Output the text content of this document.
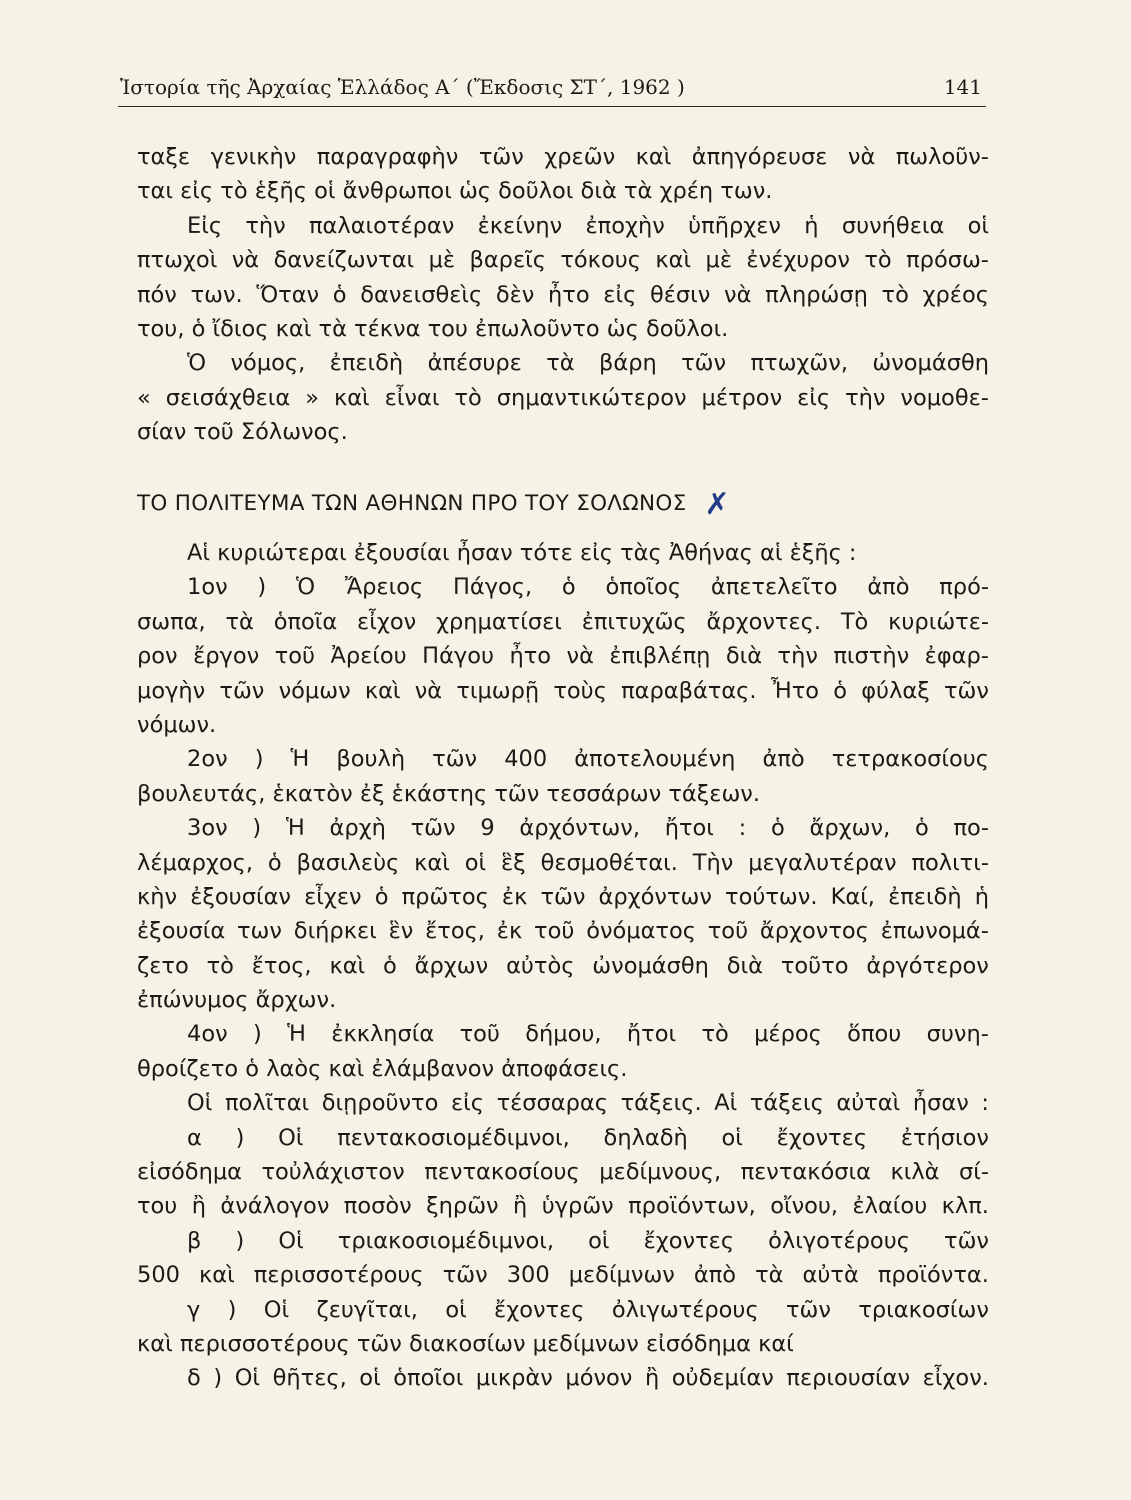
Ἱστορία τῆς Ἀρχαίας Ἑλλάδος Α΄ (Ἔκδοσις ΣΤ΄, 1962 )	141
ταξε γενικὴν παραγραφὴν τῶν χρεῶν καὶ ἀπηγόρευσε νὰ πωλοῦν-
ται εἰς τὸ ἑξῆς οἱ ἄνθρωποι ὡς δοῦλοι διὰ τὰ χρέη των.
Εἰς τὴν παλαιοτέραν ἐκείνην ἐποχὴν ὑπῆρχεν ἡ συνήθεια οἱ
πτωχοὶ νὰ δανείζωνται μὲ βαρεῖς τόκους καὶ μὲ ἐνέχυρον τὸ πρόσω-
πόν των. Ὅταν ὁ δανεισθεὶς δὲν ἦτο εἰς θέσιν νὰ πληρώσῃ τὸ χρέος
του, ὁ ἴδιος καὶ τὰ τέκνα του ἐπωλοῦντο ὡς δοῦλοι.
Ὁ νόμος, ἐπειδὴ ἀπέσυρε τὰ βάρη τῶν πτωχῶν, ὠνομάσθη
« σεισάχθεια » καὶ εἶναι τὸ σημαντικώτερον μέτρον εἰς τὴν νομοθε-
σίαν τοῦ Σόλωνος.
ΤΟ ΠΟΛΙΤΕΥΜΑ ΤΩΝ ΑΘΗΝΩΝ ΠΡΟ ΤΟΥ ΣΟΛΩΝΟΣ ✗
Αἱ κυριώτεραι ἐξουσίαι ἦσαν τότε εἰς τὰς Ἀθήνας αἱ ἑξῆς :
1ον ) Ὁ Ἄρειος Πάγος, ὁ ὁποῖος ἀπετελεῖτο ἀπὸ πρό-
σωπα, τὰ ὁποῖα εἶχον χρηματίσει ἐπιτυχῶς ἄρχοντες. Τὸ κυριώτε-
ρον ἔργον τοῦ Ἀρείου Πάγου ἦτο νὰ ἐπιβλέπῃ διὰ τὴν πιστὴν ἐφαρ-
μογὴν τῶν νόμων καὶ νὰ τιμωρῇ τοὺς παραβάτας. Ἦτο ὁ φύλαξ τῶν
νόμων.
2ον ) Ἡ βουλὴ τῶν 400 ἀποτελουμένη ἀπὸ τετρακοσίους
βουλευτάς, ἑκατὸν ἐξ ἑκάστης τῶν τεσσάρων τάξεων.
3ον ) Ἡ ἀρχὴ τῶν 9 ἀρχόντων, ἤτοι : ὁ ἄρχων, ὁ πο-
λέμαρχος, ὁ βασιλεὺς καὶ οἱ ἓξ θεσμοθέται. Τὴν μεγαλυτέραν πολιτι-
κὴν ἐξουσίαν εἶχεν ὁ πρῶτος ἐκ τῶν ἀρχόντων τούτων. Καί, ἐπειδὴ ἡ
ἐξουσία των διήρκει ἓν ἔτος, ἐκ τοῦ ὀνόματος τοῦ ἄρχοντος ἐπωνομά-
ζετο τὸ ἔτος, καὶ ὁ ἄρχων αὐτὸς ὠνομάσθη διὰ τοῦτο ἀργότερον
ἐπώνυμος ἄρχων.
4ον ) Ἡ ἐκκλησία τοῦ δήμου, ἤτοι τὸ μέρος ὅπου συνη-
θροίζετο ὁ λαὸς καὶ ἐλάμβανον ἀποφάσεις.
Οἱ πολῖται διῃροῦντο εἰς τέσσαρας τάξεις. Αἱ τάξεις αὐταὶ ἦσαν :
α ) Οἱ πεντακοσιομέδιμνοι, δηλαδὴ οἱ ἔχοντες ἐτήσιον
εἰσόδημα τοὐλάχιστον πεντακοσίους μεδίμνους, πεντακόσια κιλὰ σί-
του ἢ ἀνάλογον ποσὸν ξηρῶν ἢ ὑγρῶν προϊόντων, οἴνου, ἐλαίου κλπ.
β ) Οἱ τριακοσιομέδιμνοι, οἱ ἔχοντες ὀλιγοτέρους τῶν
500 καὶ περισσοτέρους τῶν 300 μεδίμνων ἀπὸ τὰ αὐτὰ προϊόντα.
γ ) Οἱ ζευγῖται, οἱ ἔχοντες ὀλιγωτέρους τῶν τριακοσίων
καὶ περισσοτέρους τῶν διακοσίων μεδίμνων εἰσόδημα καί
δ ) Οἱ θῆτες, οἱ ὁποῖοι μικρὰν μόνον ἢ οὐδεμίαν περιουσίαν εἶχον.
